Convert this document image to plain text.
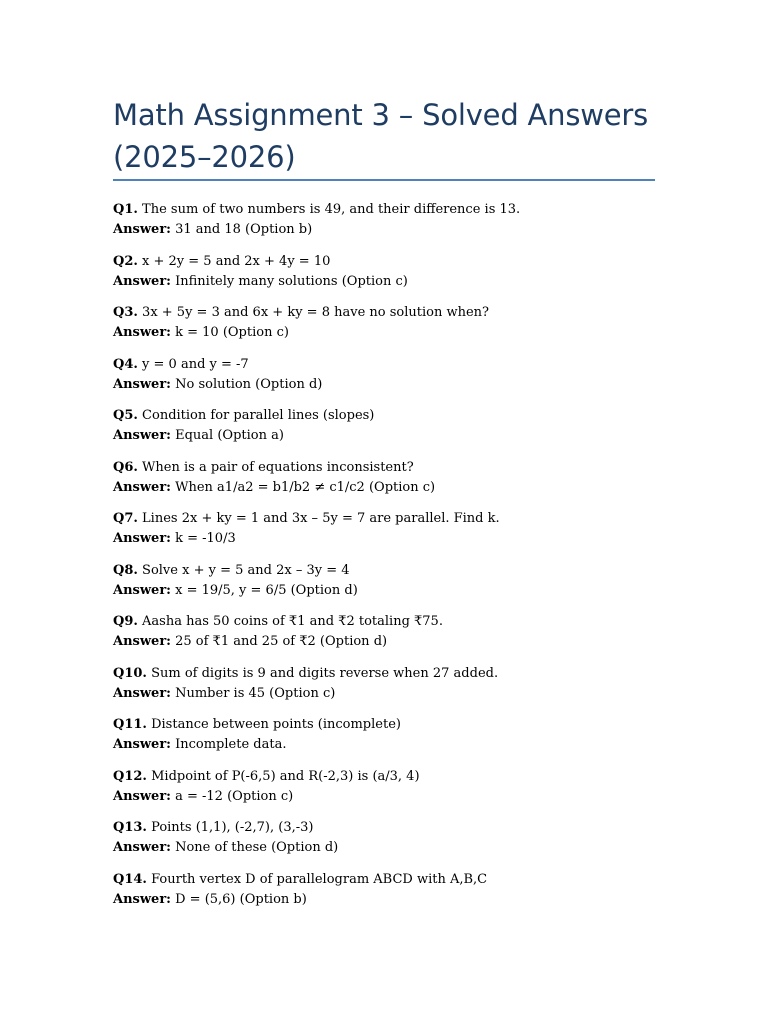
Math Assignment 3 – Solved Answers
(2025–2026)
Q1. The sum of two numbers is 49, and their difference is 13.
Answer: 31 and 18 (Option b)
Q2. x + 2y = 5 and 2x + 4y = 10
Answer: Infinitely many solutions (Option c)
Q3. 3x + 5y = 3 and 6x + ky = 8 have no solution when?
Answer: k = 10 (Option c)
Q4. y = 0 and y = -7
Answer: No solution (Option d)
Q5. Condition for parallel lines (slopes)
Answer: Equal (Option a)
Q6. When is a pair of equations inconsistent?
Answer: When a1/a2 = b1/b2 ≠ c1/c2 (Option c)
Q7. Lines 2x + ky = 1 and 3x – 5y = 7 are parallel. Find k.
Answer: k = -10/3
Q8. Solve x + y = 5 and 2x – 3y = 4
Answer: x = 19/5, y = 6/5 (Option d)
Q9. Aasha has 50 coins of ₹1 and ₹2 totaling ₹75.
Answer: 25 of ₹1 and 25 of ₹2 (Option d)
Q10. Sum of digits is 9 and digits reverse when 27 added.
Answer: Number is 45 (Option c)
Q11. Distance between points (incomplete)
Answer: Incomplete data.
Q12. Midpoint of P(-6,5) and R(-2,3) is (a/3, 4)
Answer: a = -12 (Option c)
Q13. Points (1,1), (-2,7), (3,-3)
Answer: None of these (Option d)
Q14. Fourth vertex D of parallelogram ABCD with A,B,C
Answer: D = (5,6) (Option b)
